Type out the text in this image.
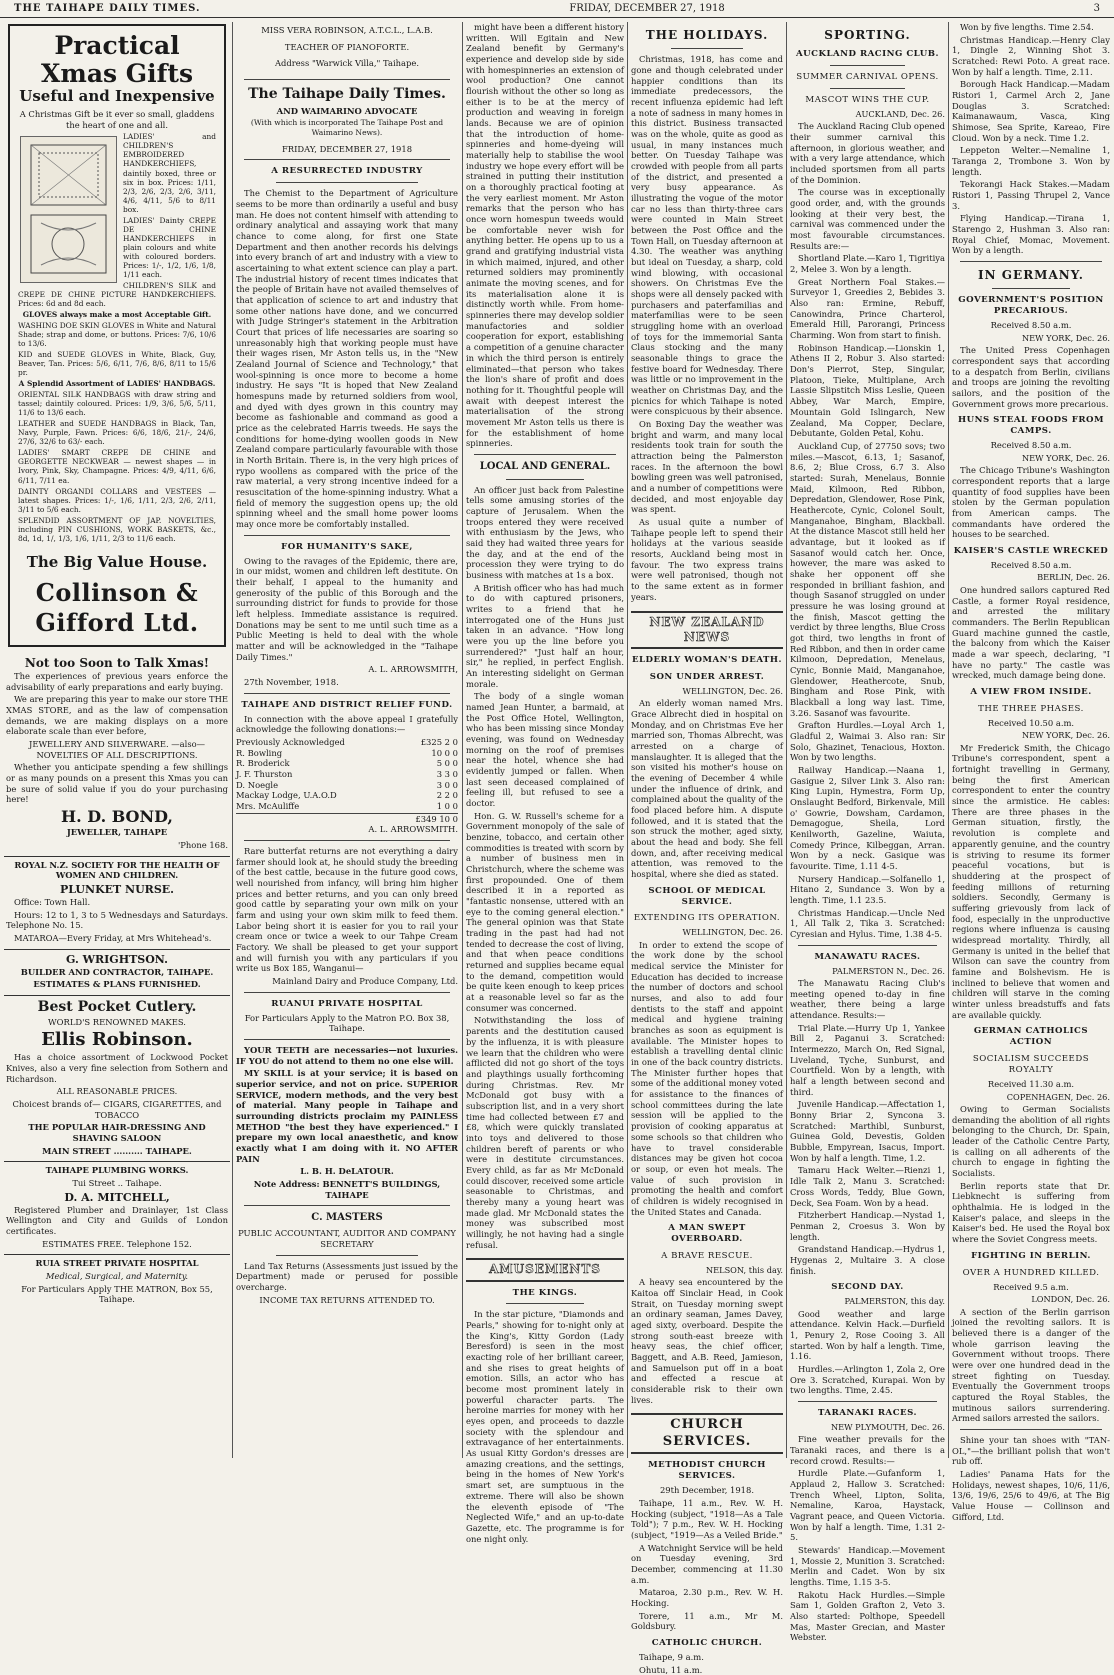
THE TAIHAPE DAILY TIMES.	FRIDAY, DECEMBER 27, 1918	3
Practical Xmas Gifts
Useful and Inexpensive

A Christmas Gift be it ever so small, gladdens the heart of one and all.

LADIES' and CHILDREN'S EMBROIDERED HANDKERCHIEFS, daintily boxed, three or six in box. Prices: 1/11, 2/3, 2/6, 2/3, 2/6, 3/11, 4/6, 4/11, 5/6 to 8/11 box.

LADIES' Dainty CREPE DE CHINE HANDKERCHIEFS in plain colours and white with coloured borders. Prices: 1/-, 1/2, 1/6, 1/8, 1/11 each.

CHILDREN'S SILK and CREPE DE CHINE PICTURE HANDKERCHIEFS. Prices: 6d and 8d each.

GLOVES always make a most Acceptable Gift.

WASHING DOE SKIN GLOVES in White and Natural Shade; strap and dome, or buttons. Prices: 7/6, 10/6 to 13/6.

KID and SUEDE GLOVES in White, Black, Guy, Beaver, Tan. Prices: 5/6, 6/11, 7/6, 8/6, 8/11 to 15/6 pr.

A Splendid Assortment of LADIES' HANDBAGS.

ORIENTAL SILK HANDBAGS with draw string and tassel; daintily coloured. Prices: 1/9, 3/6, 5/6, 5/11, 11/6 to 13/6 each.

LEATHER and SUEDE HANDBAGS in Black, Tan, Navy, Purple, Fawn. Prices: 6/6, 18/6, 21/-, 24/6, 27/6, 32/6 to 63/- each.

LADIES' SMART CREPE DE CHINE and GEORGETTE NECKWEAR — newest shapes — in Ivory, Pink, Sky, Champagne. Prices: 4/9, 4/11, 6/6, 6/11, 7/11 ea.

DAINTY ORGANDI COLLARS and VESTEES — latest shapes. Prices: 1/-, 1/6, 1/11, 2/3, 2/6, 2/11, 3/11 to 5/6 each.

SPLENDID ASSORTMENT OF JAP. NOVELTIES, including PIN CUSHIONS, WORK BASKETS, &c., 8d, 1d, 1/, 1/3, 1/6, 1/11, 2/3 to 11/6 each.

The Big Value House.
Collinson & Gifford Ltd.
Not too Soon to Talk Xmas!

The experiences of previous years enforce the advisability of early preparations and early buying.

We are preparing this year to make our store THE XMAS STORE, and as the law of compensation demands, we are making displays on a more elaborate scale than ever before,

JEWELLERY AND SILVERWARE. —also— NOVELTIES OF ALL DESCRIPTIONS.

Whether you anticipate spending a few shillings or as many pounds on a present this Xmas you can be sure of solid value if you do your purchasing here!

H. D. BOND,

JEWELLER, TAIHAPE

'Phone 168.

ROYAL N.Z. SOCIETY FOR THE HEALTH OF WOMEN AND CHILDREN.

PLUNKET NURSE.

Office: Town Hall.

Hours: 12 to 1, 3 to 5 Wednesdays and Saturdays. Telephone No. 15.

MATAROA—Every Friday, at Mrs Whitehead's.

G. WRIGHTSON.

BUILDER AND CONTRACTOR, TAIHAPE.

ESTIMATES & PLANS FURNISHED.

Best Pocket Cutlery.

WORLD'S RENOWNED MAKES.

Ellis Robinson.

Has a choice assortment of Lockwood Pocket Knives, also a very fine selection from Sothern and Richardson.

ALL REASONABLE PRICES.

Choicest brands of— CIGARS, CIGARETTES, and TOBACCO

THE POPULAR HAIR-DRESSING AND SHAVING SALOON

MAIN STREET .......... TAIHAPE.

TAIHAPE PLUMBING WORKS.

Tui Street .. Taihape.

D. A. MITCHELL,

Registered Plumber and Drainlayer, 1st Class Wellington and City and Guilds of London certificates.

ESTIMATES FREE. Telephone 152.

RUIA STREET PRIVATE HOSPITAL

Medical, Surgical, and Maternity.

For Particulars Apply THE MATRON, Box 55, Taihape.

MISS VERA ROBINSON, A.T.C.L., L.A.B.

TEACHER OF PIANOFORTE.

Address "Warwick Villa," Taihape.

The Taihape Daily Times.

AND WAIMARINO ADVOCATE

(With which is incorporated The Taihape Post and Waimarino News).

FRIDAY, DECEMBER 27, 1918

A RESURRECTED INDUSTRY

The Chemist to the Department of Agriculture seems to be more than ordinarily a useful and busy man. He does not content himself with attending to ordinary analytical and assaying work that many chance to come along, for first one State Department and then another records his delvings into every branch of art and industry with a view to ascertaining to what extent science can play a part. The industrial history of recent times indicates that the people of Britain have not availed themselves of that application of science to art and industry that some other nations have done, and we concurred with Judge Stringer's statement in the Arbitration Court that prices of life necessaries are soaring so unreasonably high that working people must have their wages risen, Mr Aston tells us, in the "New Zealand Journal of Science and Technology," that wool-spinning is once more to become a home industry. He says "It is hoped that New Zealand homespuns made by returned soldiers from wool, and dyed with dyes grown in this country may become as fashionable and command as good a price as the celebrated Harris tweeds. He says the conditions for home-dying woollen goods in New Zealand compare particularly favourable with those in North Britain. There is, in the very high prices of rypo woollens as compared with the price of the raw material, a very strong incentive indeed for a resuscitation of the home-spinning industry. What a field of memory the suggestion opens up; the old spinning wheel and the small home power looms may once more be comfortably installed.

FOR HUMANITY'S SAKE,

Owing to the ravages of the Epidemic, there are, in our midst, women and children left destitute. On their behalf, I appeal to the humanity and generosity of the public of this Borough and the surrounding district for funds to provide for those left helpless. Immediate assistance is required. Donations may be sent to me until such time as a Public Meeting is held to deal with the whole matter and will be acknowledged in the "Taihape Daily Times."

A. L. ARROWSMITH,

27th November, 1918.

TAIHAPE AND DISTRICT RELIEF FUND.

In connection with the above appeal I gratefully acknowledge the following donations:—

Previously Acknowledged	£325 2 0
R. Bowling	10 0 0
R. Broderick	5 0 0
J. F. Thurston	3 3 0
D. Noegle	3 0 0
Mackay Lodge, U.A.O.D	2 2 0
Mrs. McAuliffe	1 0 0
£349 10 0

A. L. ARROWSMITH.

Rare butterfat returns are not everything a dairy farmer should look at, he should study the breeding of the best cattle, because in the future good cows, well nourished from infancy, will bring him higher prices and better returns, and you can only breed good cattle by separating your own milk on your farm and using your own skim milk to feed them. Labor being short it is easier for you to rail your cream once or twice a week to our Tahpe Cream Factory. We shall be pleased to get your support and will furnish you with any particulars if you write us Box 185, Wanganui—

Mainland Dairy and Produce Company, Ltd.

RUANUI PRIVATE HOSPITAL

For Particulars Apply to the Matron P.O. Box 38, Taihape.

YOUR TEETH are necessaries—not luxuries. IF YOU do not attend to them no one else will.

MY SKILL is at your service; it is based on superior service, and not on price. SUPERIOR SERVICE, modern methods, and the very best of material. Many people in Taihape and surrounding districts proclaim my PAINLESS METHOD "the best they have experienced." I prepare my own local anaesthetic, and know exactly what I am doing with it. NO AFTER PAIN

L. B. H. DeLATOUR.

Note Address: BENNETT'S BUILDINGS, TAIHAPE

C. MASTERS

PUBLIC ACCOUNTANT, AUDITOR AND COMPANY SECRETARY

Land Tax Returns (Assessments just issued by the Department) made or perused for possible overcharge.

INCOME TAX RETURNS ATTENDED TO.

might have been a different history written. Will Egitain and New Zealand benefit by Germany's experience and develop side by side with homespinneries an extension of wool production? One cannot flourish without the other so long as either is to be at the mercy of production and weaving in foreign lands. Because we are of opinion that the introduction of home-spinneries and home-dyeing will materially help to stabilise the wool industry we hope every effort will be strained in putting their institution on a thoroughly practical footing at the very earliest moment. Mr Aston remarks that the person who has once worn homespun tweeds would be comfortable never wish for anything better. He opens up to us a grand and gratifying industrial vista in which maimed, injured, and other returned soldiers may prominently animate the moving scenes, and for its materialisation alone it is distinctly worth while. From home-spinneries there may develop soldier manufactories and soldier cooperation for export, establishing a competition of a genuine character in which the third person is entirely eliminated—that person who takes the lion's share of profit and does nothing for it. Thoughtful people will await with deepest interest the materialisation of the strong movement Mr Aston tells us there is for the establishment of home spinneries.

LOCAL AND GENERAL.

An officer just back from Palestine tells some amusing stories of the capture of Jerusalem. When the troops entered they were received with enthusiasm by the Jews, who said they had waited three years for the day, and at the end of the procession they were trying to do business with matches at 1s a box.

A British officer who has had much to do with captured prisoners, writes to a friend that he interrogated one of the Huns just taken in an advance. "How long were you up the line before you surrendered?" "Just half an hour, sir," he replied, in perfect English. An interesting sidelight on German morale.

The body of a single woman named Jean Hunter, a barmaid, at the Post Office Hotel, Wellington, who has been missing since Monday evening, was found on Wednesday morning on the roof of premises near the hotel, whence she had evidently jumped or fallen. When last seen deceased complained of feeling ill, but refused to see a doctor.

Hon. G. W. Russell's scheme for a Government monopoly of the sale of benzine, tobacco, and certain other commodities is treated with scorn by a number of business men in Christchurch, where the scheme was first propounded. One of them described it in a reported as "fantastic nonsense, uttered with an eye to the coming general election." The general opinion was that State trading in the past had had not tended to decrease the cost of living, and that when peace conditions returned and supplies became equal to the demand, competition would be quite keen enough to keep prices at a reasonable level so far as the consumer was concerned.

Notwithstanding the loss of parents and the destitution caused by the influenza, it is with pleasure we learn that the children who were afflicted did not go short of the toys and playthings usually forthcoming during Christmas. Rev. Mr McDonald got busy with a subscription list, and in a very short time had collected between £7 and £8, which were quickly translated into toys and delivered to those children bereft of parents or who were in destitute circumstances. Every child, as far as Mr McDonald could discover, received some article seasonable to Christmas, and thereby many a young heart was made glad. Mr McDonald states the money was subscribed most willingly, he not having had a single refusal.

AMUSEMENTS

THE KINGS.

In the star picture, "Diamonds and Pearls," showing for to-night only at the King's, Kitty Gordon (Lady Beresford) is seen in the most exacting role of her brilliant career, and she rises to great heights of emotion. Sills, an actor who has become most prominent lately in powerful character parts. The heroine marries for money with her eyes open, and proceeds to dazzle society with the splendour and extravagance of her entertainments. As usual Kitty Gordon's dresses are amazing creations, and the settings, being in the homes of New York's smart set, are sumptuous in the extreme. There will also be shown the eleventh episode of "The Neglected Wife," and an up-to-date Gazette, etc. The programme is for one night only.

THE HOLIDAYS.

Christmas, 1918, has come and gone and though celebrated under happier conditions than its immediate predecessors, the recent influenza epidemic had left a note of sadness in many homes in this district. Business transacted was on the whole, quite as good as usual, in many instances much better. On Tuesday Taihape was crowded with people from all parts of the district, and presented a very busy appearance. As illustrating the vogue of the motor car no less than thirty-three cars were counted in Main Street between the Post Office and the Town Hall, on Tuesday afternoon at 4.30. The weather was anything but ideal on Tuesday, a sharp, cold wind blowing, with occasional showers. On Christmas Eve the shops were all densely packed with purchasers and paterfamilias and materfamilias were to be seen struggling home with an overload of toys for the immemorial Santa Claus stocking and the many seasonable things to grace the festive board for Wednesday. There was little or no improvement in the weather on Christmas Day, and the picnics for which Taihape is noted were conspicuous by their absence.

On Boxing Day the weather was bright and warm, and many local residents took train for south the attraction being the Palmerston races. In the afternoon the bowl bowling green was well patronised, and a number of competitions were decided, and most enjoyable day was spent.

As usual quite a number of Taihape people left to spend their holidays at the various seaside resorts, Auckland being most in favour. The two express trains were well patronised, though not to the same extent as in former years.

NEW ZEALAND NEWS

ELDERLY WOMAN'S DEATH.

SON UNDER ARREST.

WELLINGTON, Dec. 26.

An elderly woman named Mrs. Grace Albrecht died in hospital on Monday, and on Christmas Eve her married son, Thomas Albrecht, was arrested on a charge of manslaughter. It is alleged that the son visited his mother's house on the evening of December 4 while under the influence of drink, and complained about the quality of the food placed before him. A dispute followed, and it is stated that the son struck the mother, aged sixty, about the head and body. She fell down, and, after receiving medical attention, was removed to the hospital, where she died as stated.

SCHOOL OF MEDICAL SERVICE.

EXTENDING ITS OPERATION.

WELLINGTON, Dec. 26.

In order to extend the scope of the work done by the school medical service the Minister for Education has decided to increase the number of doctors and school nurses, and also to add four dentists to the staff and appoint medical and hygiene training branches as soon as equipment is available. The Minister hopes to establish a travelling dental clinic in one of the back country districts. The Minister further hopes that some of the additional money voted for assistance to the finances of school committees during the late session will be applied to the provision of cooking apparatus at some schools so that children who have to travel considerable distances may be given hot cocoa or soup, or even hot meals. The value of such provision in promoting the health and comfort of children is widely recognised in the United States and Canada.

A MAN SWEPT OVERBOARD.

A BRAVE RESCUE.

NELSON, this day.

A heavy sea encountered by the Kaitoa off Sinclair Head, in Cook Strait, on Tuesday morning swept an ordinary seaman, James Davey, aged sixty, overboard. Despite the strong south-east breeze with heavy seas, the chief officer, Baggett, and A.B. Reed, Jamieson, and Samuelson put off in a boat and effected a rescue at considerable risk to their own lives.

CHURCH SERVICES.

METHODIST CHURCH SERVICES.

29th December, 1918.

Taihape, 11 a.m., Rev. W. H. Hocking (subject, "1918—As a Tale Told"); 7 p.m., Rev. W. H. Hocking (subject, "1919—As a Veiled Bride."

A Watchnight Service will be held on Tuesday evening, 3rd December, commencing at 11.30 a.m.

Mataroa, 2.30 p.m., Rev. W. H. Hocking.

Torere, 11 a.m., Mr M. Goldsbury.

CATHOLIC CHURCH.

Taihape, 9 a.m.

Ohutu, 11 a.m.

SPORTING.

AUCKLAND RACING CLUB.

SUMMER CARNIVAL OPENS.

MASCOT WINS THE CUP.

AUCKLAND, Dec. 26.

The Auckland Racing Club opened their summer carnival this afternoon, in glorious weather, and with a very large attendance, which included sportsmen from all parts of the Dominion.

The course was in exceptionally good order, and, with the grounds looking at their very best, the carnival was commenced under the most favourable circumstances. Results are:—

Shortland Plate.—Karo 1, Tigritiya 2, Melee 3. Won by a length.

Great Northern Foal Stakes.—Surveyor 1, Greedies 2, Bebides 3. Also ran: Ermine, Rebuff, Canowindra, Prince Charterol, Emerald Hill, Parorangi, Princess Charming. Won from start to finish.

Robinson Handicap.—Lionskin 1, Athens II 2, Robur 3. Also started: Don's Pierrot, Step, Singular, Platoon, Tieke, Multiplane, Arch Lassie Slipstitch Miss Leslie, Queen Abbey, War March, Empire, Mountain Gold Islingarch, New Zealand, Ma Copper, Declare, Debutante, Golden Petal, Kohu.

Auckland Cup, of 27750 sovs; two miles.—Mascot, 6.13, 1; Sasanof, 8.6, 2; Blue Cross, 6.7 3. Also started: Surah, Menelaus, Bonnie Maid, Kilmoon, Red Ribbon, Depredation, Glendower, Rose Pink, Heathercote, Cynic, Colonel Soult, Manganahoe, Bingham, Blackball. At the distance Mascot still held her advantage, but it looked as if Sasanof would catch her. Once, however, the mare was asked to shake her opponent off she responded in brilliant fashion, and though Sasanof struggled on under pressure he was losing ground at the finish, Mascot getting the verdict by three lengths, Blue Cross got third, two lengths in front of Red Ribbon, and then in order came Kilmoon, Depredation, Menelaus, Cynic, Bonnie Maid, Manganahoe, Glendower, Heathercote, Snub, Bingham and Rose Pink, with Blackball a long way last. Time, 3.26. Sasanof was favourite.

Grafton Hurdles.—Loyal Arch 1, Gladful 2, Waimai 3. Also ran: Sir Solo, Ghazinet, Tenacious, Hoxton. Won by two lengths.

Railway Handicap.—Naana 1, Gasigue 2, Silver Link 3. Also ran: King Lupin, Hymestra, Form Up, Onslaught Bedford, Birkenvale, Mill o' Gowrie, Dowsham, Cardamon, Demagogue, Sheila, Lord Kenilworth, Gazeline, Waiuta, Comedy Prince, Kilbeggan, Arran. Won by a neck. Gasique was favourite. Time, 1.11 4-5.

Nursery Handicap.—Solfanello 1, Hitano 2, Sundance 3. Won by a length. Time, 1.1 23.5.

Christmas Handicap.—Uncle Ned 1, All Talk 2, Tika 3. Scratched: Cyresian and Hylus. Time, 1.38 4-5.

MANAWATU RACES.

PALMERSTON N., Dec. 26.

The Manawatu Racing Club's meeting opened to-day in fine weather, there being a large attendance. Results:—

Trial Plate.—Hurry Up 1, Yankee Bill 2, Paganui 3. Scratched: Intermezzo, March On, Red Signal, Liveland, Tyche, Sunburst, and Courtfield. Won by a length, with half a length between second and third.

Juvenile Handicap.—Affectation 1, Bonny Briar 2, Syncona 3. Scratched: Marthibl, Sunburst, Guinea Gold, Devestis, Golden Bubble, Empyrean, Isacus, Import. Won by half a length. Time, 1.2.

Tamaru Hack Welter.—Rienzi 1, Idle Talk 2, Manu 3. Scratched: Cross Words, Teddy, Blue Gown, Deck, Sea Foam. Won by a head.

Fitzherbert Handicap.—Nystad 1, Penman 2, Croesus 3. Won by length.

Grandstand Handicap.—Hydrus 1, Hygenas 2, Multaire 3. A close finish.

SECOND DAY.

PALMERSTON, this day.

Good weather and large attendance. Kelvin Hack.—Durfield 1, Penury 2, Rose Cooing 3. All started. Won by half a length. Time, 1.16.

Hurdles.—Arlington 1, Zola 2, Ore Ore 3. Scratched, Kurapai. Won by two lengths. Time, 2.45.

TARANAKI RACES.

NEW PLYMOUTH, Dec. 26.

Fine weather prevails for the Taranaki races, and there is a record crowd. Results:—

Hurdle Plate.—Gufanform 1, Applaud 2, Hallow 3. Scratched: Trench Wheel, Lipton, Solita, Nemaline, Karoa, Haystack, Vagrant peace, and Queen Victoria. Won by half a length. Time, 1.31 2-5.

Stewards' Handicap.—Movement 1, Mossie 2, Munition 3. Scratched: Merlin and Cadet. Won by six lengths. Time, 1.15 3-5.

Rakotu Hack Hurdles.—Simple Sam 1, Golden Grafton 2, Veto 3. Also started: Polthope, Speedell Mas, Master Grecian, and Master Webster.

Won by five lengths. Time 2.54.

Christmas Handicap.—Henry Clay 1, Dingle 2, Winning Shot 3. Scratched: Rewi Poto. A great race. Won by half a length. Time, 2.11.

Borough Hack Handicap.—Madam Ristori 1, Carmel Arch 2, Jane Douglas 3. Scratched: Kaimanawaum, Vasca, King Shimose, Sea Sprite, Kareao, Fire Cloud. Won by a neck. Time 1.2.

Leppeton Welter.—Nemaline 1, Taranga 2, Trombone 3. Won by length.

Tekorangi Hack Stakes.—Madam Ristori 1, Passing Thrupel 2, Vance 3.

Flying Handicap.—Tirana 1, Starengo 2, Hushman 3. Also ran: Royal Chief, Momac, Movement. Won by a length.

IN GERMANY.

GOVERNMENT'S POSITION PRECARIOUS.

Received 8.50 a.m.

NEW YORK, Dec. 26.

The United Press Copenhagen correspondent says that according to a despatch from Berlin, civilians and troops are joining the revolting sailors, and the position of the Government grows more precarious.

HUNS STEAL FOODS FROM CAMPS.

Received 8.50 a.m.

NEW YORK, Dec. 26.

The Chicago Tribune's Washington correspondent reports that a large quantity of food supplies have been stolen by the German population from American camps. The commandants have ordered the houses to be searched.

KAISER'S CASTLE WRECKED

Received 8.50 a.m.

BERLIN, Dec. 26.

One hundred sailors captured Red Castle, a former Royal residence, and arrested the military commanders. The Berlin Republican Guard machine gunned the castle, the balcony from which the Kaiser made a war speech, declaring, "I have no party." The castle was wrecked, much damage being done.

A VIEW FROM INSIDE.

THE THREE PHASES.

Received 10.50 a.m.

NEW YORK, Dec. 26.

Mr Frederick Smith, the Chicago Tribune's correspondent, spent a fortnight travelling in Germany, being the first American correspondent to enter the country since the armistice. He cables: There are three phases in the German situation, firstly, the revolution is complete and apparently genuine, and the country is striving to resume its former peaceful vocations, but is shuddering at the prospect of feeding millions of returning soldiers. Secondly, Germany is suffering grievously from lack of food, especially in the unproductive regions where influenza is causing widespread mortality. Thirdly, all Germany is united in the belief that Wilson can save the country from famine and Bolshevism. He is inclined to believe that women and children will starve in the coming winter unless breadstuffs and fats are available quickly.

GERMAN CATHOLICS ACTION

SOCIALISM SUCCEEDS ROYALTY

Received 11.30 a.m.

COPENHAGEN, Dec. 26.

Owing to German Socialists demanding the abolition of all rights belonging to the Church, Dr. Spain, leader of the Catholic Centre Party, is calling on all adherents of the church to engage in fighting the Socialists.

Berlin reports state that Dr. Liebknecht is suffering from ophthalmia. He is lodged in the Kaiser's palace, and sleeps in the Kaiser's bed. He used the Royal box where the Soviet Congress meets.

FIGHTING IN BERLIN.

OVER A HUNDRED KILLED.

Received 9.5 a.m.

LONDON, Dec. 26.

A section of the Berlin garrison joined the revolting sailors. It is believed there is a danger of the whole garrison leaving the Government without troops. There were over one hundred dead in the street fighting on Tuesday. Eventually the Government troops captured the Royal Stables, the mutinous sailors surrendering. Armed sailors arrested the sailors.

Shine your tan shoes with "TAN-OL,"—the brilliant polish that won't rub off.

Ladies' Panama Hats for the Holidays, newest shapes, 10/6, 11/6, 13/6, 19/6, 25/6 to 49/6, at The Big Value House — Collinson and Gifford, Ltd.
